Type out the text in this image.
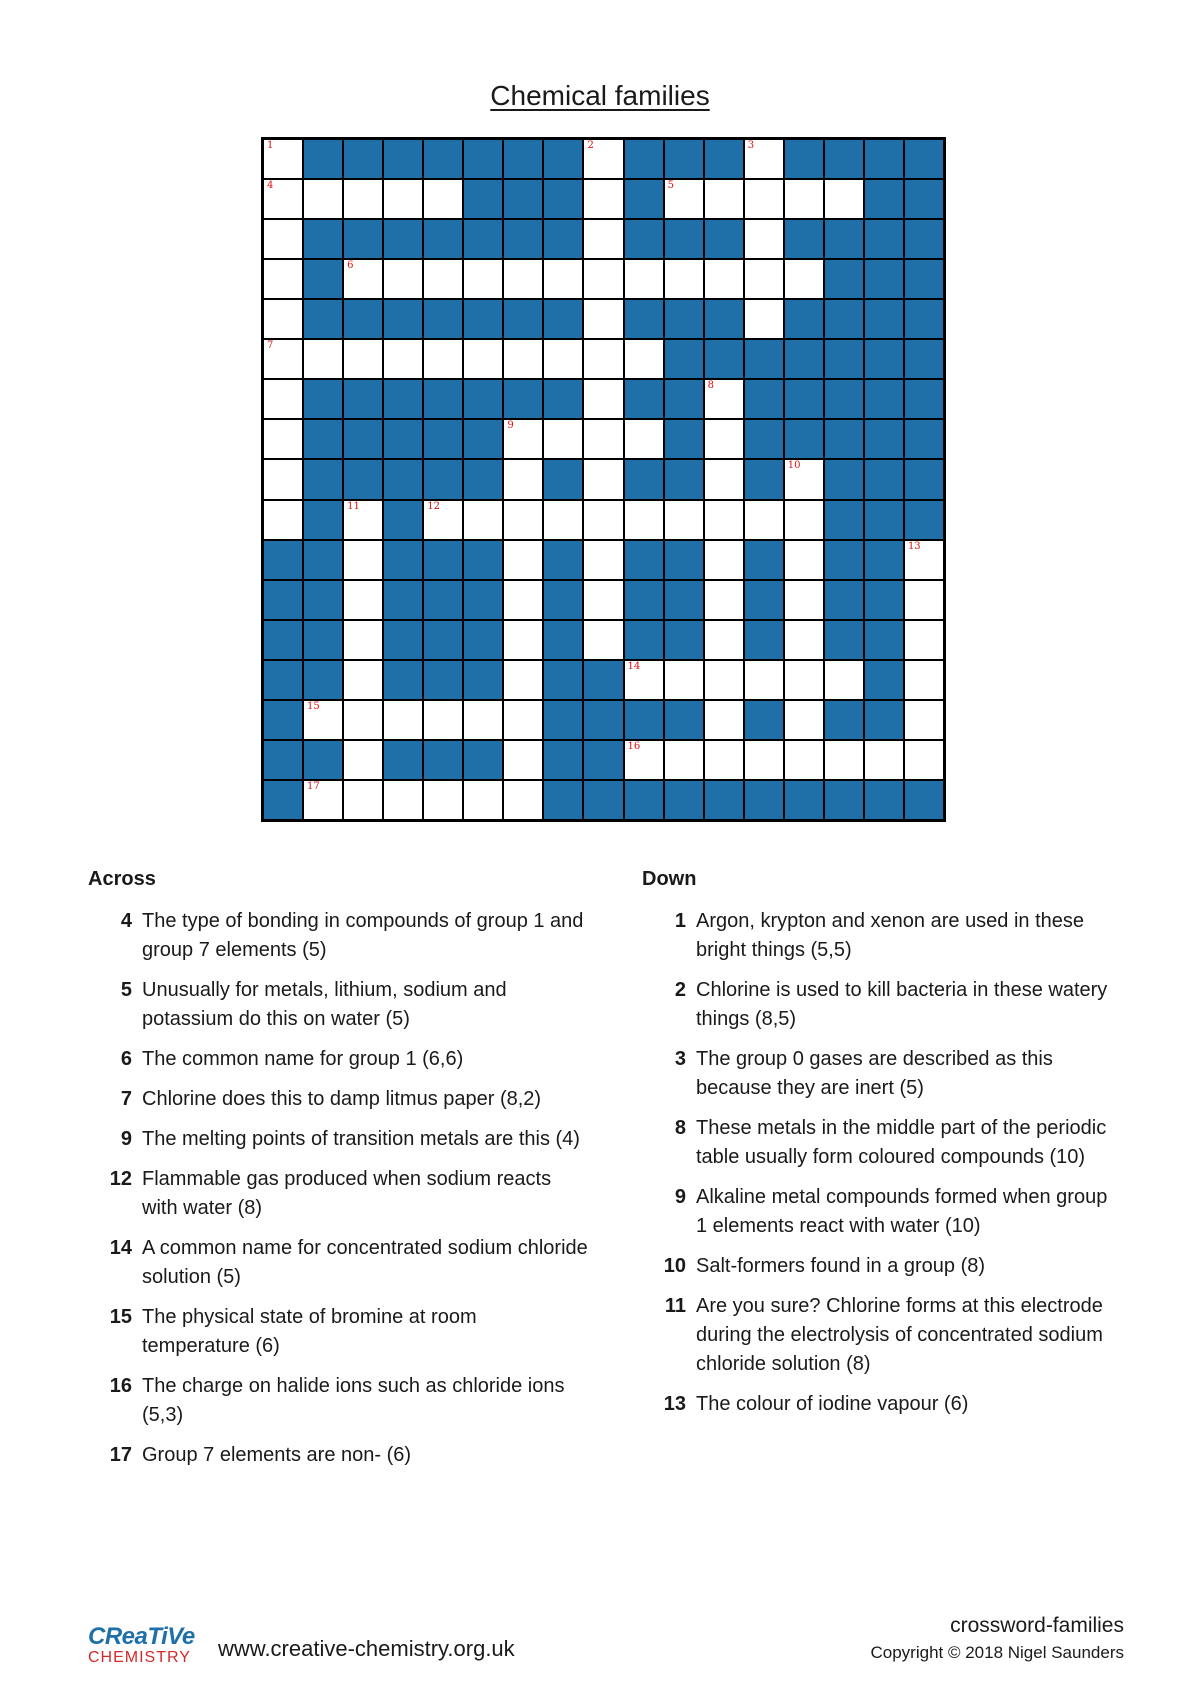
Chemical families
1	2	3
4	5
6
7
8
9
10
11	12
13
14
15
16
17
Across
4 The type of bonding in compounds of group 1 and group 7 elements (5)
5 Unusually for metals, lithium, sodium and potassium do this on water (5)
6 The common name for group 1 (6,6)
7 Chlorine does this to damp litmus paper (8,2)
9 The melting points of transition metals are this (4)
12 Flammable gas produced when sodium reacts with water (8)
14 A common name for concentrated sodium chloride solution (5)
15 The physical state of bromine at room temperature (6)
16 The charge on halide ions such as chloride ions (5,3)
17 Group 7 elements are non- (6)
Down
1 Argon, krypton and xenon are used in these bright things (5,5)
2 Chlorine is used to kill bacteria in these watery things (8,5)
3 The group 0 gases are described as this because they are inert (5)
8 These metals in the middle part of the periodic table usually form coloured compounds (10)
9 Alkaline metal compounds formed when group 1 elements react with water (10)
10 Salt-formers found in a group (8)
11 Are you sure? Chlorine forms at this electrode during the electrolysis of concentrated sodium chloride solution (8)
13 The colour of iodine vapour (6)
CReaTiVe
CHEMISTRY	www.creative-chemistry.org.uk
crossword-families
Copyright © 2018 Nigel Saunders
